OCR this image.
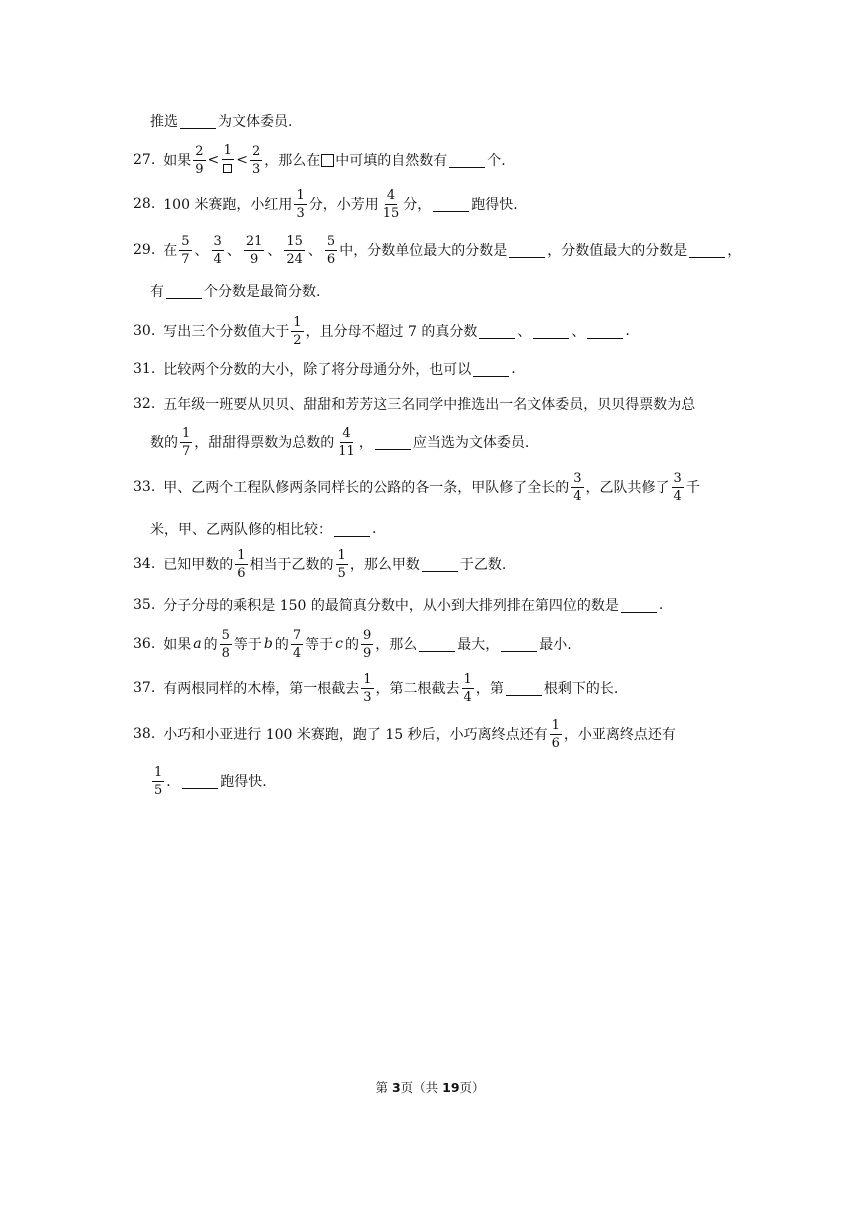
推选	为文体委员.
27. 如果
2
9
<
1
<
2
3 ，那么在 中可填的自然数有	个.
28. 100 米赛跑，小红用
1
3 分，小芳用
4
15 分，	跑得快.
29. 在
5
7 、
3
4 、
21
9 、
15
24 、
5
6 中，分数单位最大的分数是	，分数值最大的分数是	，
有	个分数是最简分数.
30. 写出三个分数值大于
1
2 ，且分母不超过 7 的真分数	、	、	.
31. 比较两个分数的大小，除了将分母通分外，也可以	.
32. 五年级一班要从贝贝、甜甜和芳芳这三名同学中推选出一名文体委员，贝贝得票数为总
数的
1
7 ，甜甜得票数为总数的
4
11 ，	应当选为文体委员.
33. 甲、乙两个工程队修两条同样长的公路的各一条，甲队修了全长的
3
4 ，乙队共修了
3
4 千
米，甲、乙两队修的相比较：	.
34. 已知甲数的
1
6 相当于乙数的
1
5 ，那么甲数	于乙数.
35. 分子分母的乘积是 150 的最简真分数中，从小到大排列排在第四位的数是	.
36. 如果 a 的
5
8 等于 b 的
7
4 等于 c 的
9
9 ，那么	最大，	最小.
37. 有两根同样的木棒，第一根截去
1
3 ，第二根截去
1
4 ，第	根剩下的长.
38. 小巧和小亚进行 100 米赛跑，跑了 15 秒后，小巧离终点还有
1
6 ，小亚离终点还有
1
5 ．	跑得快.
第 3页（共 19页）
